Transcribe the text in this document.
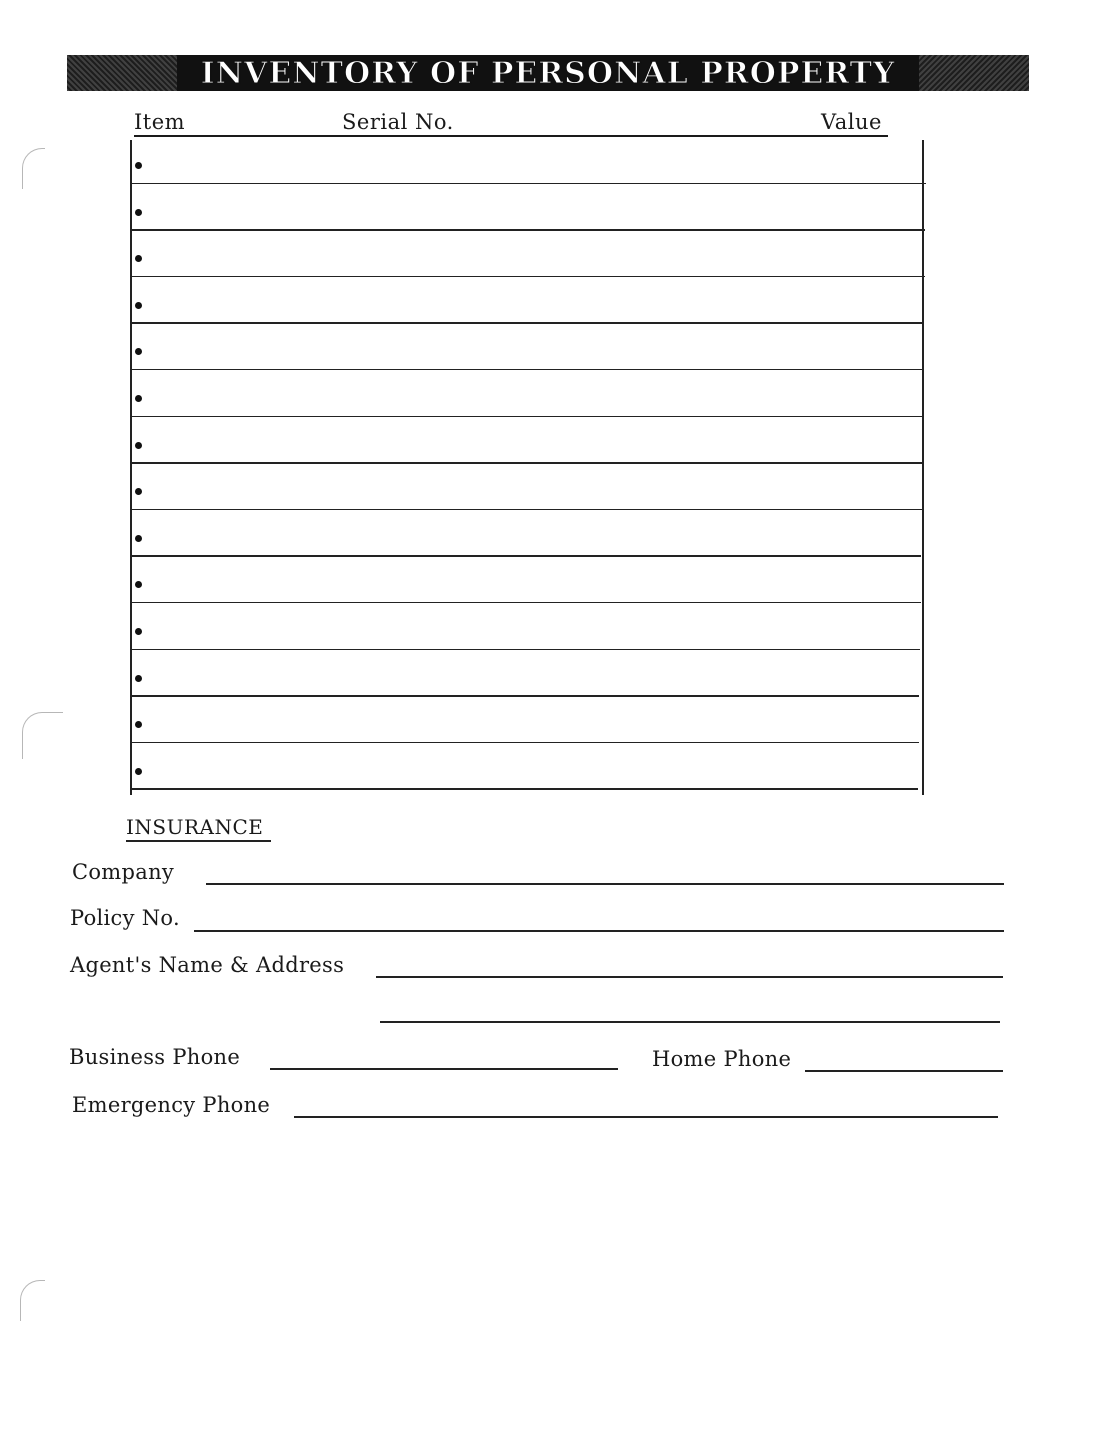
INVENTORY OF PERSONAL PROPERTY
Item	Serial No.	Value
INSURANCE
Company
Policy No.
Agent's Name & Address
Business Phone	Home Phone
Emergency Phone
